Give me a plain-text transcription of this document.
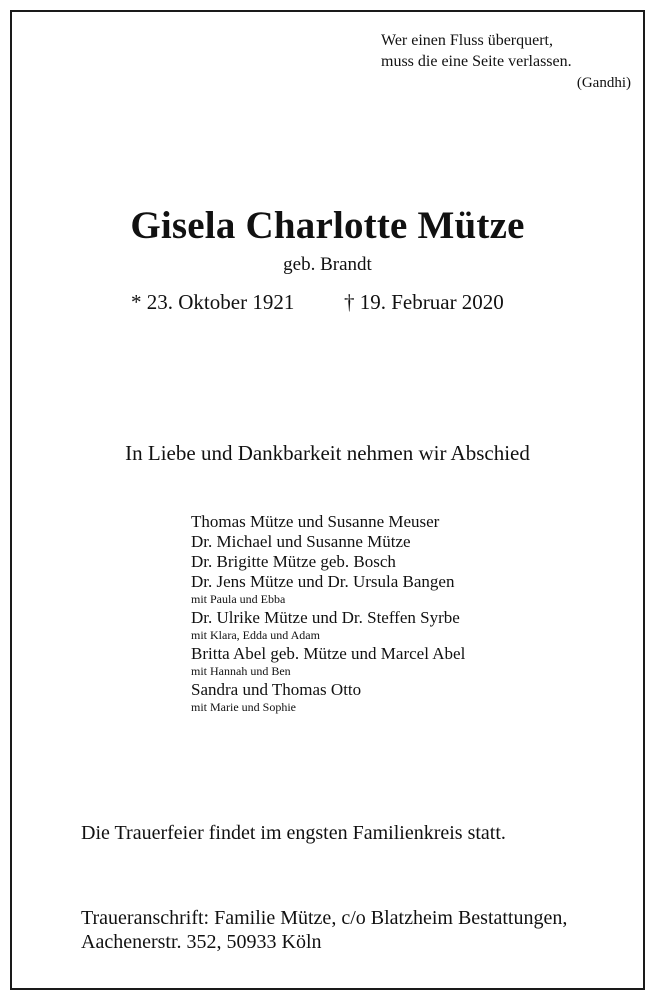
Wer einen Fluss überquert,
muss die eine Seite verlassen.
(Gandhi)
Gisela Charlotte Mütze
geb. Brandt
* 23. Oktober 1921 † 19. Februar 2020
In Liebe und Dankbarkeit nehmen wir Abschied
Thomas Mütze und Susanne Meuser
Dr. Michael und Susanne Mütze
Dr. Brigitte Mütze geb. Bosch
Dr. Jens Mütze und Dr. Ursula Bangen
mit Paula und Ebba
Dr. Ulrike Mütze und Dr. Steffen Syrbe
mit Klara, Edda und Adam
Britta Abel geb. Mütze und Marcel Abel
mit Hannah und Ben
Sandra und Thomas Otto
mit Marie und Sophie
Die Trauerfeier findet im engsten Familienkreis statt.
Traueranschrift: Familie Mütze, c/o Blatzheim Bestattungen,
Aachenerstr. 352, 50933 Köln
